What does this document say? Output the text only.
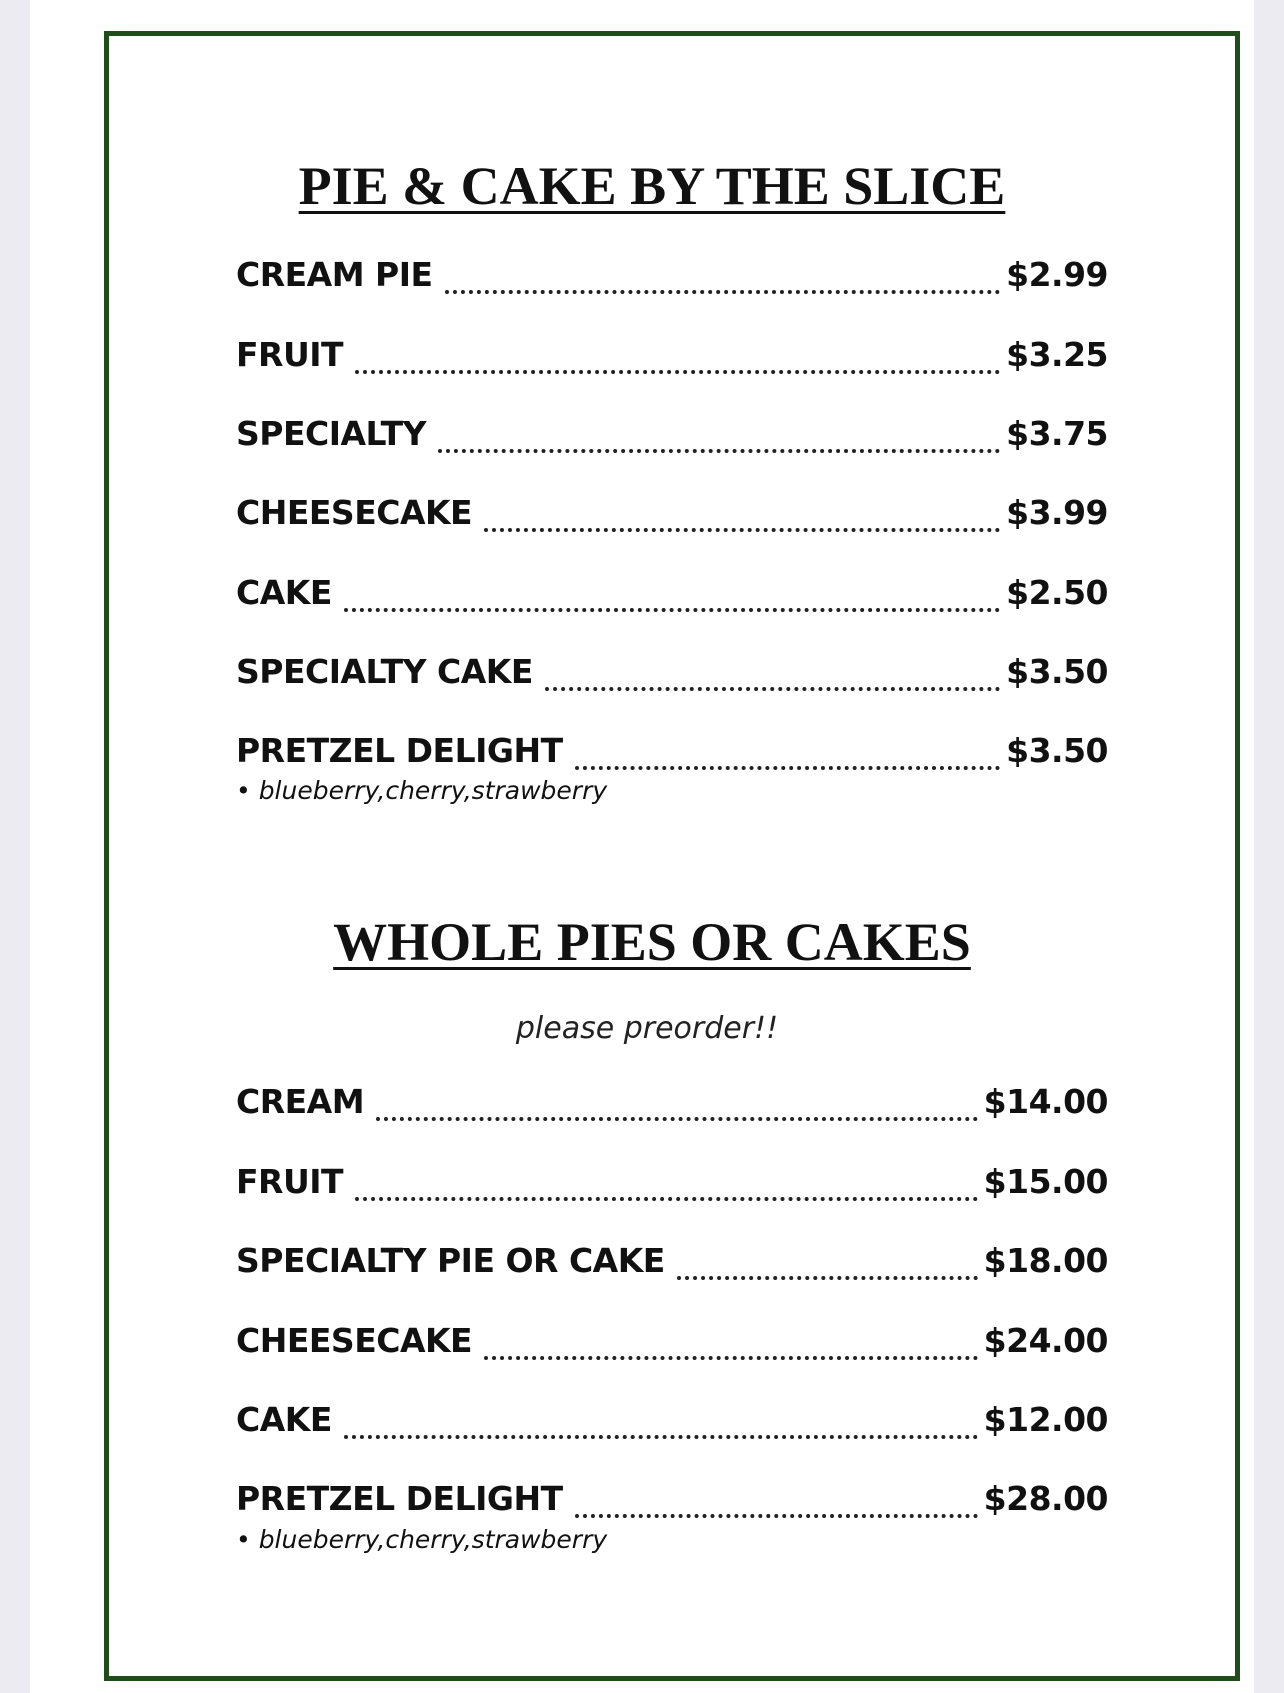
PIE & CAKE BY THE SLICE
CREAM PIE	$2.99
FRUIT	$3.25
SPECIALTY	$3.75
CHEESECAKE	$3.99
CAKE	$2.50
SPECIALTY CAKE	$3.50
PRETZEL DELIGHT	$3.50
• blueberry,cherry,strawberry
WHOLE PIES OR CAKES
please preorder!!
CREAM	$14.00
FRUIT	$15.00
SPECIALTY PIE OR CAKE	$18.00
CHEESECAKE	$24.00
CAKE	$12.00
PRETZEL DELIGHT	$28.00
• blueberry,cherry,strawberry
